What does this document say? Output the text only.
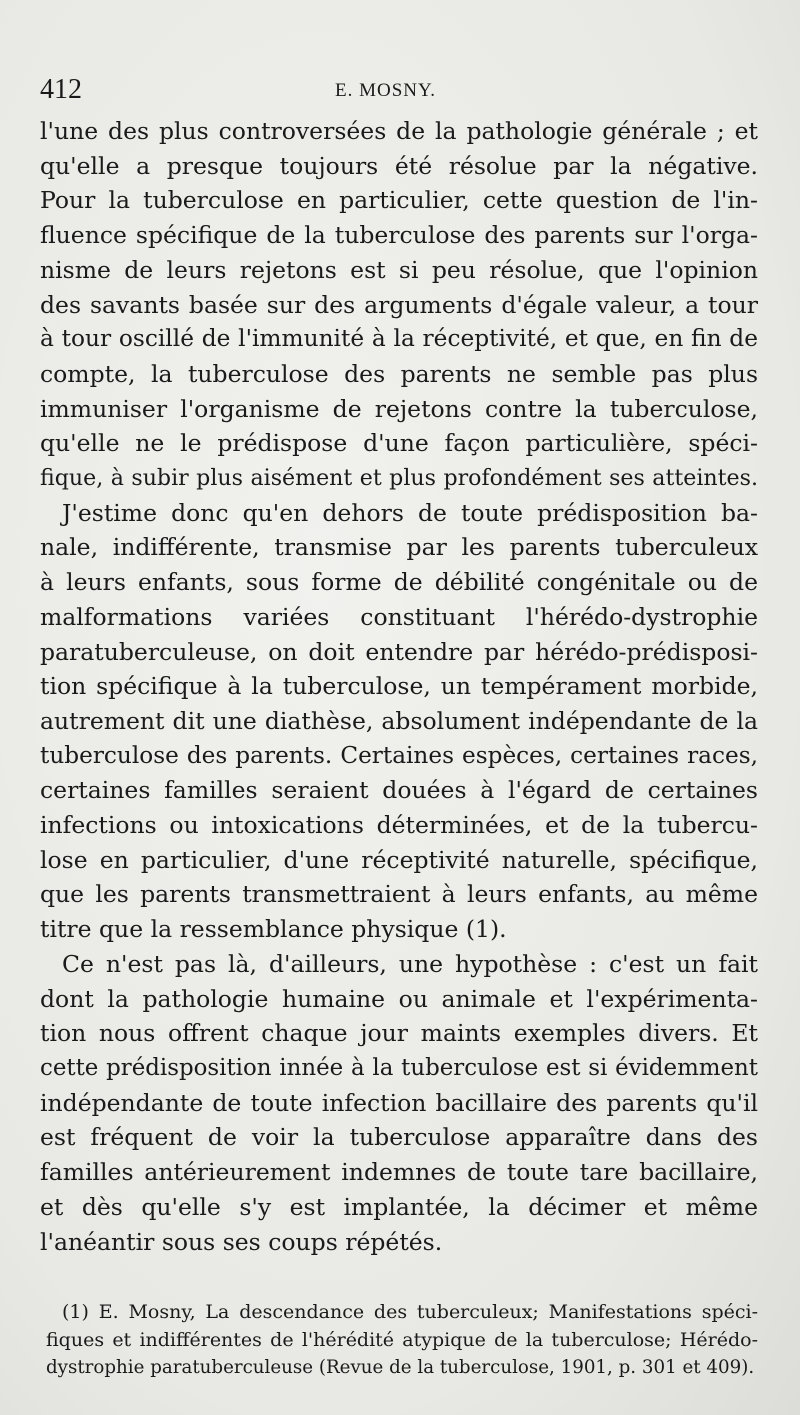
412	E. MOSNY.
l'une des plus controversées de la pathologie générale ; et
qu'elle a presque toujours été résolue par la négative.
Pour la tuberculose en particulier, cette question de l'in-
fluence spécifique de la tuberculose des parents sur l'orga-
nisme de leurs rejetons est si peu résolue, que l'opinion
des savants basée sur des arguments d'égale valeur, a tour
à tour oscillé de l'immunité à la réceptivité, et que, en fin de
compte, la tuberculose des parents ne semble pas plus
immuniser l'organisme de rejetons contre la tuberculose,
qu'elle ne le prédispose d'une façon particulière, spéci-
fique, à subir plus aisément et plus profondément ses atteintes.
J'estime donc qu'en dehors de toute prédisposition ba-
nale, indifférente, transmise par les parents tuberculeux
à leurs enfants, sous forme de débilité congénitale ou de
malformations variées constituant l'hérédo-dystrophie
paratuberculeuse, on doit entendre par hérédo-prédisposi-
tion spécifique à la tuberculose, un tempérament morbide,
autrement dit une diathèse, absolument indépendante de la
tuberculose des parents. Certaines espèces, certaines races,
certaines familles seraient douées à l'égard de certaines
infections ou intoxications déterminées, et de la tubercu-
lose en particulier, d'une réceptivité naturelle, spécifique,
que les parents transmettraient à leurs enfants, au même
titre que la ressemblance physique (1).
Ce n'est pas là, d'ailleurs, une hypothèse : c'est un fait
dont la pathologie humaine ou animale et l'expérimenta-
tion nous offrent chaque jour maints exemples divers. Et
cette prédisposition innée à la tuberculose est si évidemment
indépendante de toute infection bacillaire des parents qu'il
est fréquent de voir la tuberculose apparaître dans des
familles antérieurement indemnes de toute tare bacillaire,
et dès qu'elle s'y est implantée, la décimer et même
l'anéantir sous ses coups répétés.
(1) E. Mosny, La descendance des tuberculeux; Manifestations spéci-
fiques et indifférentes de l'hérédité atypique de la tuberculose; Hérédo-
dystrophie paratuberculeuse (Revue de la tuberculose, 1901, p. 301 et 409).
